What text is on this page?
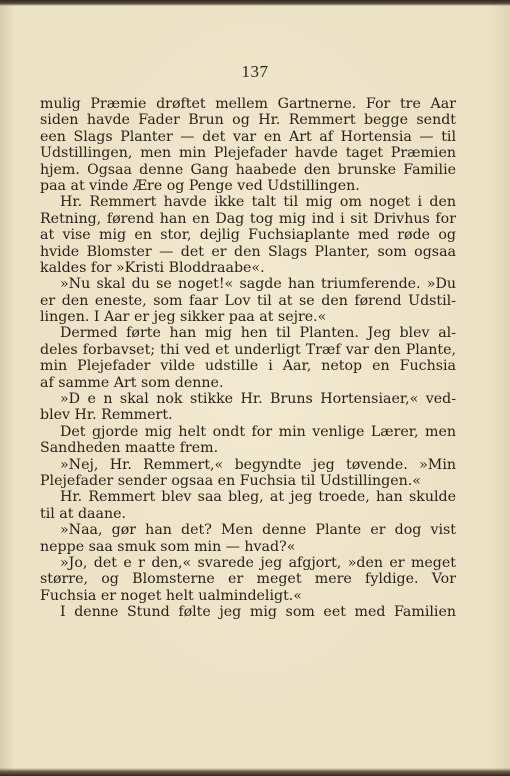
137
mulig Præmie drøftet mellem Gartnerne. For tre Aar
siden havde Fader Brun og Hr. Remmert begge sendt
een Slags Planter — det var en Art af Hortensia — til
Udstillingen, men min Plejefader havde taget Præmien
hjem. Ogsaa denne Gang haabede den brunske Familie
paa at vinde Ære og Penge ved Udstillingen.
Hr. Remmert havde ikke talt til mig om noget i den
Retning, førend han en Dag tog mig ind i sit Drivhus for
at vise mig en stor, dejlig Fuchsiaplante med røde og
hvide Blomster — det er den Slags Planter, som ogsaa
kaldes for »Kristi Bloddraabe«.
»Nu skal du se noget!« sagde han triumferende. »Du
er den eneste, som faar Lov til at se den førend Udstil-
lingen. I Aar er jeg sikker paa at sejre.«
Dermed førte han mig hen til Planten. Jeg blev al-
deles forbavset; thi ved et underligt Træf var den Plante,
min Plejefader vilde udstille i Aar, netop en Fuchsia
af samme Art som denne.
»D e n skal nok stikke Hr. Bruns Hortensiaer,« ved-
blev Hr. Remmert.
Det gjorde mig helt ondt for min venlige Lærer, men
Sandheden maatte frem.
»Nej, Hr. Remmert,« begyndte jeg tøvende. »Min
Plejefader sender ogsaa en Fuchsia til Udstillingen.«
Hr. Remmert blev saa bleg, at jeg troede, han skulde
til at daane.
»Naa, gør han det? Men denne Plante er dog vist
neppe saa smuk som min — hvad?«
»Jo, det e r den,« svarede jeg afgjort, »den er meget
større, og Blomsterne er meget mere fyldige. Vor
Fuchsia er noget helt ualmindeligt.«
I denne Stund følte jeg mig som eet med Familien
